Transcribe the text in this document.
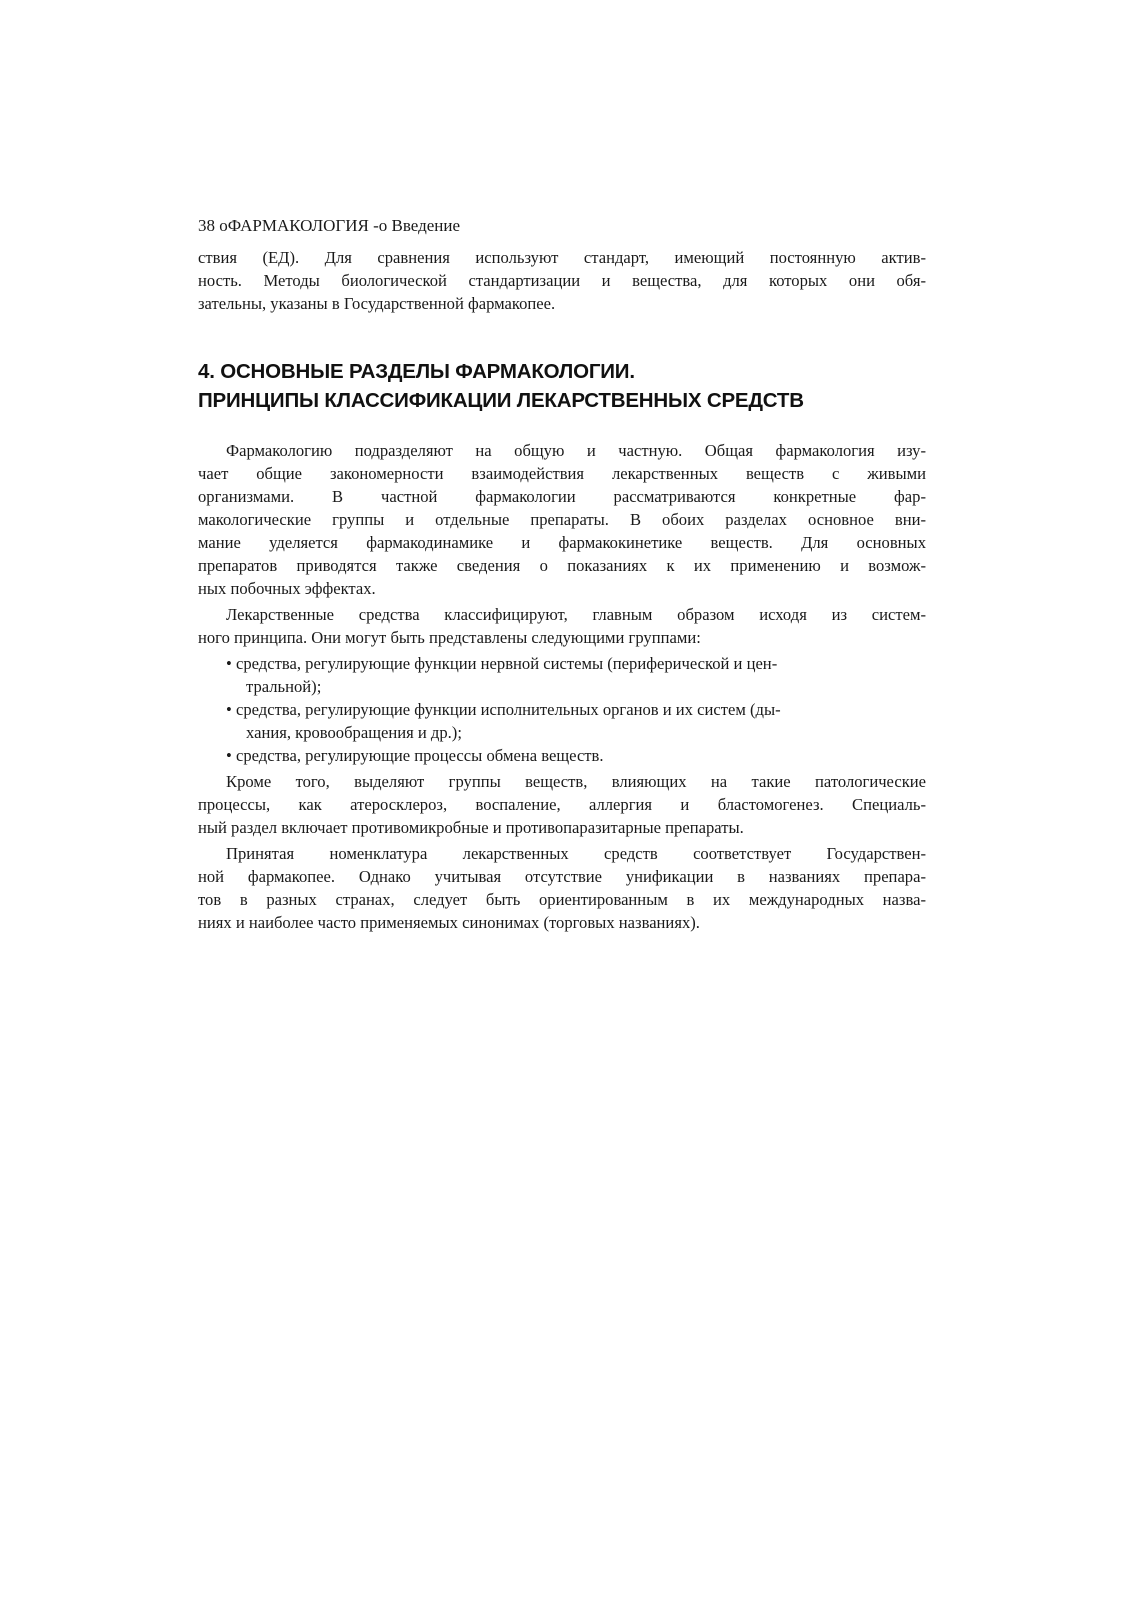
38 оФАРМАКОЛОГИЯ -о Введение
ствия (ЕД). Для сравнения используют стандарт, имеющий постоянную актив-
ность. Методы биологической стандартизации и вещества, для которых они обя-
зательны, указаны в Государственной фармакопее.
4. ОСНОВНЫЕ РАЗДЕЛЫ ФАРМАКОЛОГИИ.
ПРИНЦИПЫ КЛАССИФИКАЦИИ ЛЕКАРСТВЕННЫХ СРЕДСТВ
Фармакологию подразделяют на общую и частную. Общая фармакология изу-
чает общие закономерности взаимодействия лекарственных веществ с живыми
организмами. В частной фармакологии рассматриваются конкретные фар-
макологические группы и отдельные препараты. В обоих разделах основное вни-
мание уделяется фармакодинамике и фармакокинетике веществ. Для основных
препаратов приводятся также сведения о показаниях к их применению и возмож-
ных побочных эффектах.
Лекарственные средства классифицируют, главным образом исходя из систем-
ного принципа. Они могут быть представлены следующими группами:
• средства, регулирующие функции нервной системы (периферической и цен-
тральной);
• средства, регулирующие функции исполнительных органов и их систем (ды-
хания, кровообращения и др.);
• средства, регулирующие процессы обмена веществ.
Кроме того, выделяют группы веществ, влияющих на такие патологические
процессы, как атеросклероз, воспаление, аллергия и бластомогенез. Специаль-
ный раздел включает противомикробные и противопаразитарные препараты.
Принятая номенклатура лекарственных средств соответствует Государствен-
ной фармакопее. Однако учитывая отсутствие унификации в названиях препара-
тов в разных странах, следует быть ориентированным в их международных назва-
ниях и наиболее часто применяемых синонимах (торговых названиях).
